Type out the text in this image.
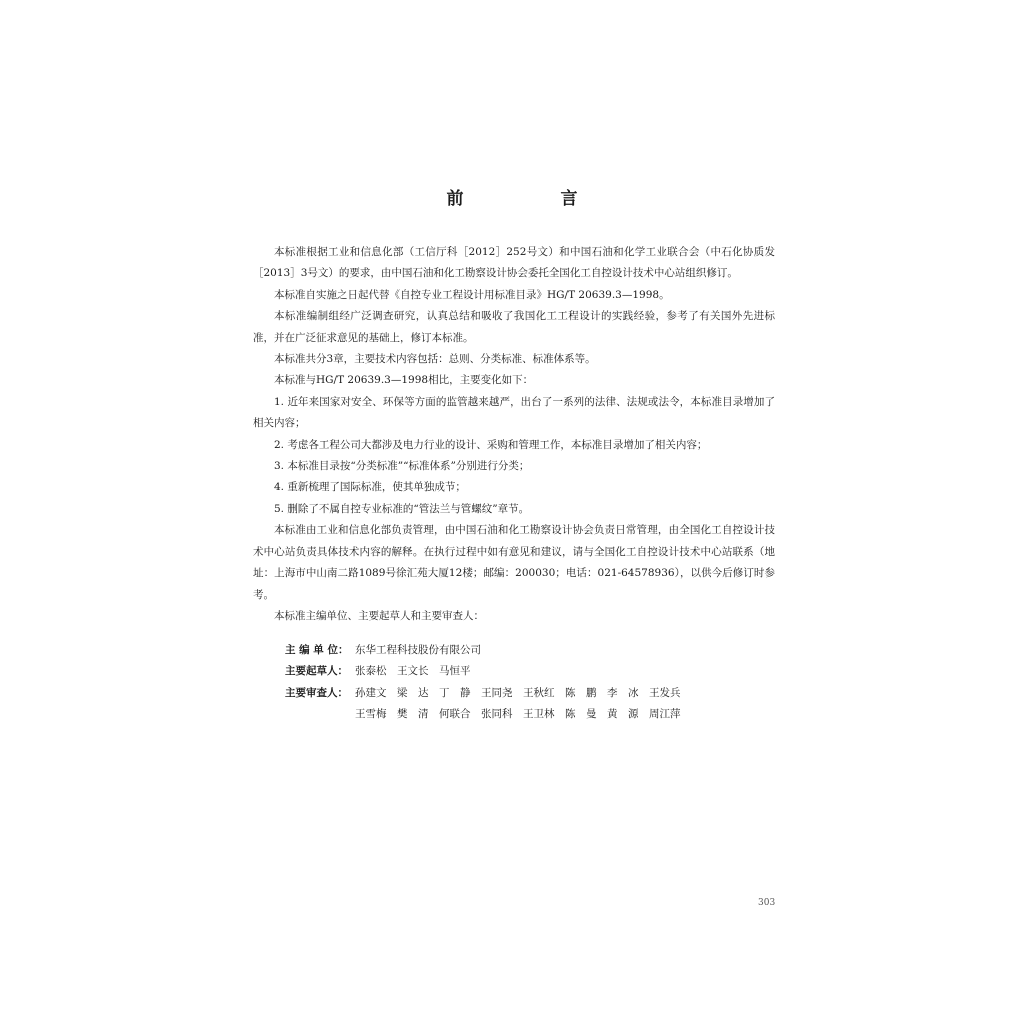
前　言

本标准根据工业和信息化部（工信厅科［2012］252号文）和中国石油和化学工业联合会（中石化协质发［2013］3号文）的要求，由中国石油和化工勘察设计协会委托全国化工自控设计技术中心站组织修订。

本标准自实施之日起代替《自控专业工程设计用标准目录》HG/T 20639.3—1998。

本标准编制组经广泛调查研究，认真总结和吸收了我国化工工程设计的实践经验，参考了有关国外先进标准，并在广泛征求意见的基础上，修订本标准。

本标准共分3章，主要技术内容包括：总则、分类标准、标准体系等。

本标准与HG/T 20639.3—1998相比，主要变化如下：

1. 近年来国家对安全、环保等方面的监管越来越严，出台了一系列的法律、法规或法令，本标准目录增加了相关内容；

2. 考虑各工程公司大都涉及电力行业的设计、采购和管理工作，本标准目录增加了相关内容；

3. 本标准目录按“分类标准”“标准体系”分别进行分类；

4. 重新梳理了国际标准，使其单独成节；

5. 删除了不属自控专业标准的“管法兰与管螺纹”章节。

本标准由工业和信息化部负责管理，由中国石油和化工勘察设计协会负责日常管理，由全国化工自控设计技术中心站负责具体技术内容的解释。在执行过程中如有意见和建议，请与全国化工自控设计技术中心站联系（地址：上海市中山南二路1089号徐汇苑大厦12楼；邮编：200030；电话：021-64578936），以供今后修订时参考。

本标准主编单位、主要起草人和主要审查人：

主 编 单 位： 东华工程科技股份有限公司
主要起草人： 张泰松　王文长　马恒平
主要审查人： 孙建文　梁　达　丁　静　王同尧　王秋红　陈　鹏　李　冰　王发兵
王雪梅　樊　清　何联合　张同科　王卫林　陈　曼　黄　源　周江萍
303
